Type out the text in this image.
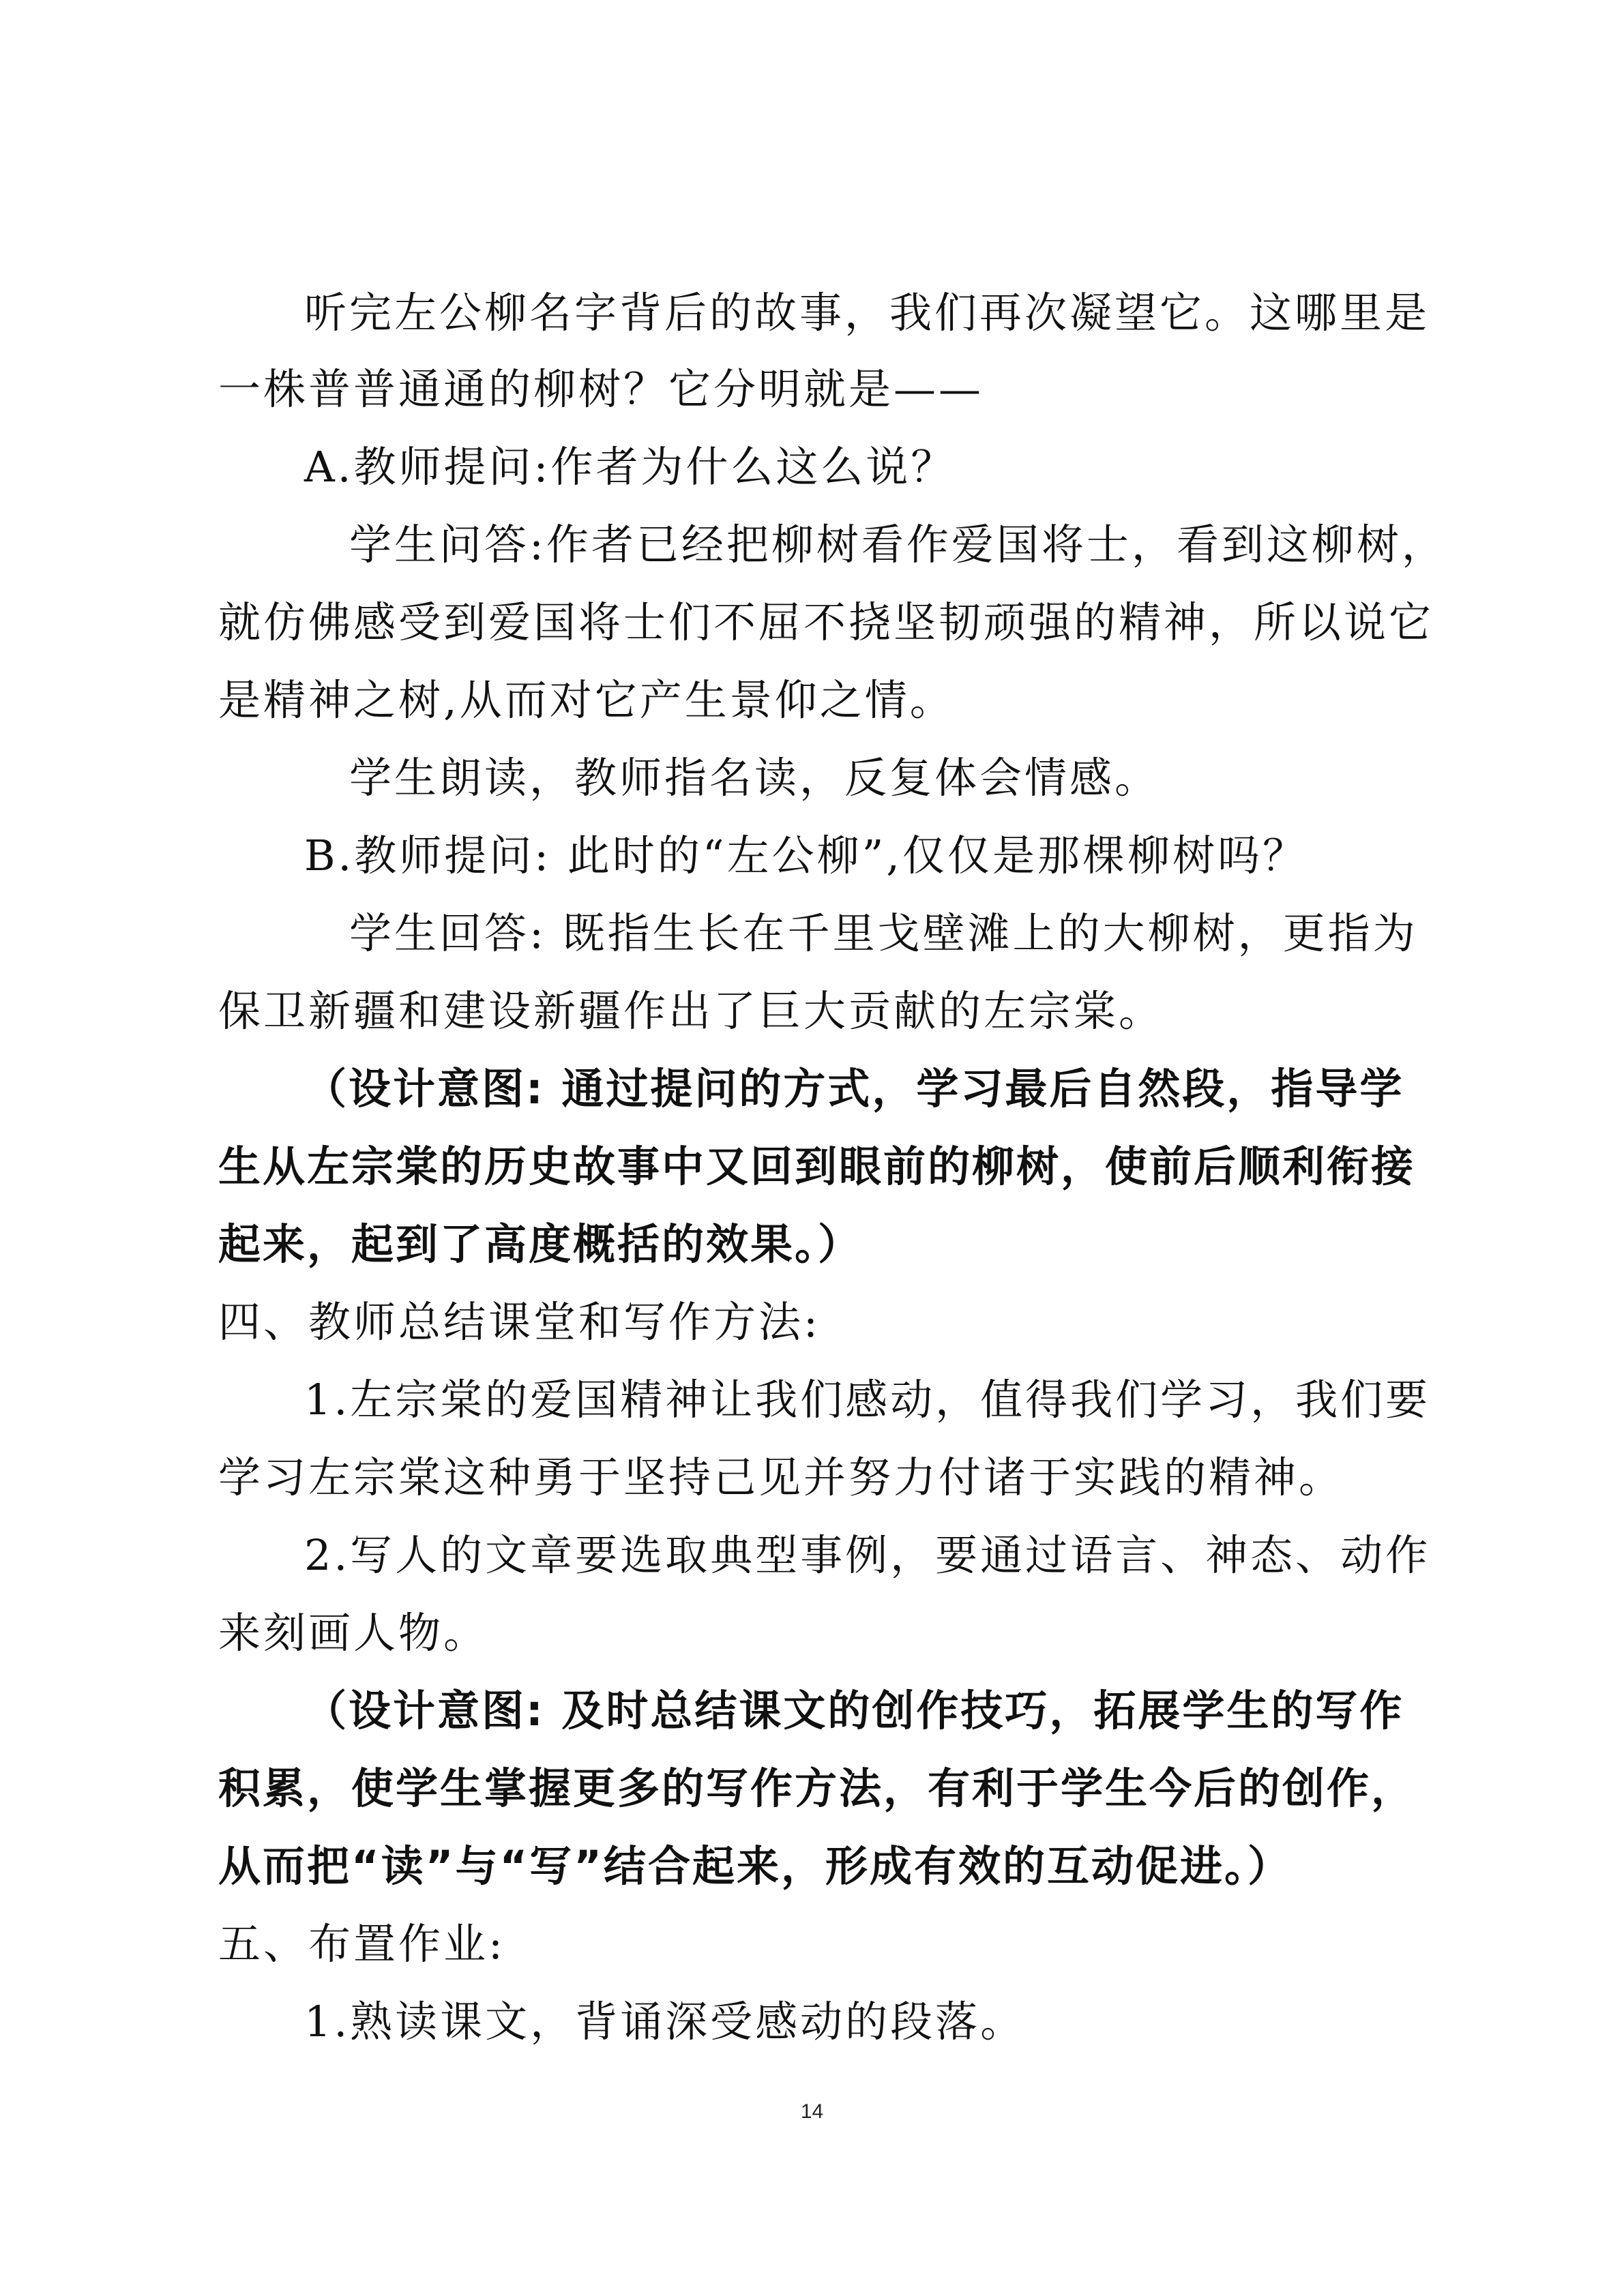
听完左公柳名字背后的故事，我们再次凝望它。这哪里是
一株普普通通的柳树？它分明就是——
A.教师提问:作者为什么这么说？
学生问答:作者已经把柳树看作爱国将士，看到这柳树，
就仿佛感受到爱国将士们不屈不挠坚韧顽强的精神，所以说它
是精神之树,从而对它产生景仰之情。
学生朗读，教师指名读，反复体会情感。
B.教师提问: 此时的“左公柳”,仅仅是那棵柳树吗？
学生回答: 既指生长在千里戈壁滩上的大柳树，更指为
保卫新疆和建设新疆作出了巨大贡献的左宗棠。
（设计意图: 通过提问的方式，学习最后自然段，指导学
生从左宗棠的历史故事中又回到眼前的柳树，使前后顺利衔接
起来，起到了高度概括的效果。）
四、教师总结课堂和写作方法:
1.左宗棠的爱国精神让我们感动，值得我们学习，我们要
学习左宗棠这种勇于坚持己见并努力付诸于实践的精神。
2.写人的文章要选取典型事例，要通过语言、神态、动作
来刻画人物。
（设计意图: 及时总结课文的创作技巧，拓展学生的写作
积累，使学生掌握更多的写作方法，有利于学生今后的创作，
从而把“读”与“写”结合起来，形成有效的互动促进。）
五、布置作业:
1.熟读课文，背诵深受感动的段落。
14
